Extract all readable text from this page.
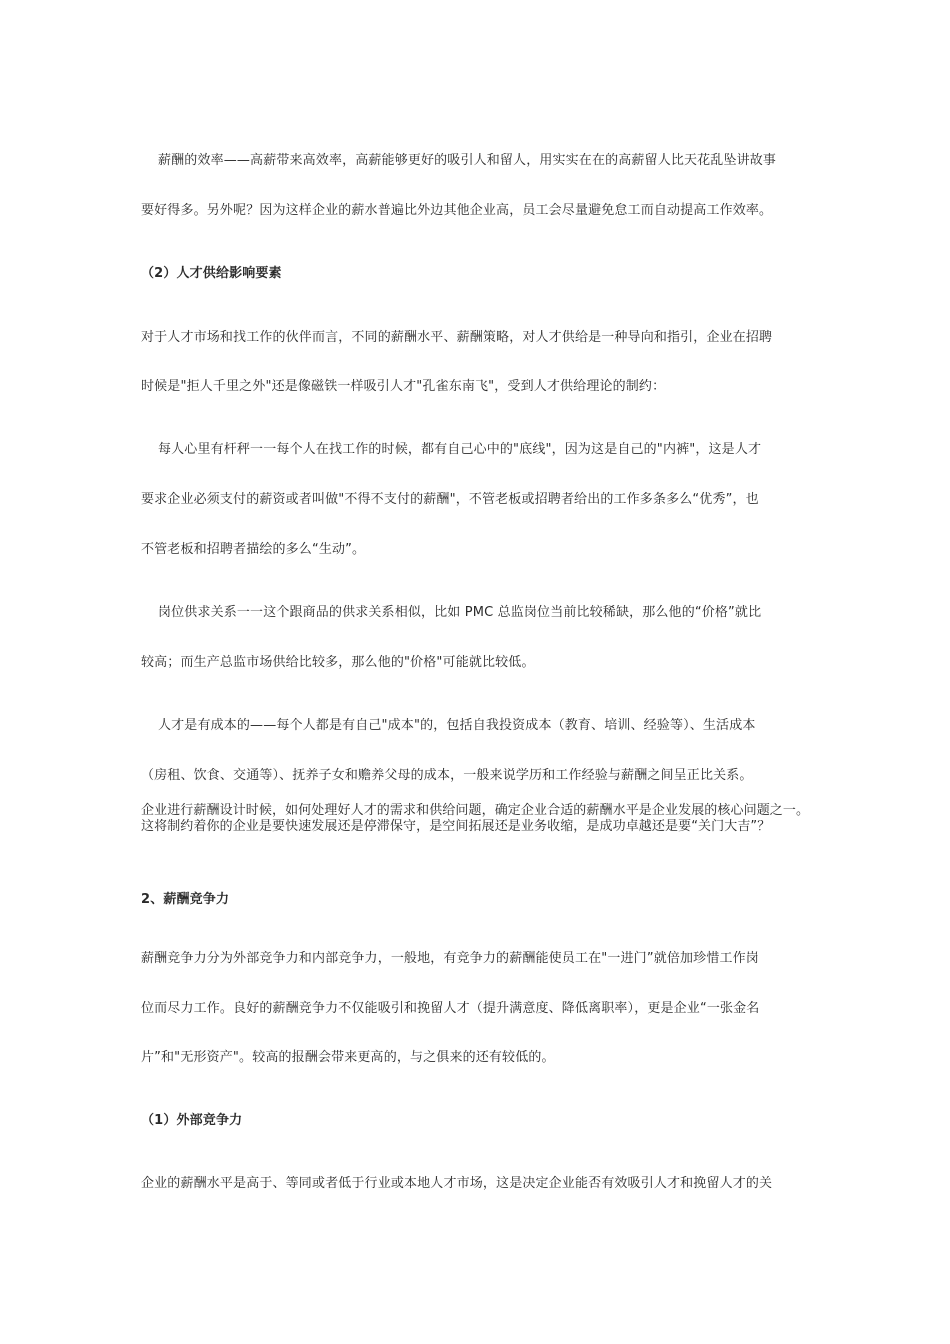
薪酬的效率——高薪带来高效率，高薪能够更好的吸引人和留人，用实实在在的高薪留人比天花乱坠讲故事
要好得多。另外呢？因为这样企业的薪水普遍比外边其他企业高，员工会尽量避免怠工而自动提高工作效率。
（2）人才供给影响要素
对于人才市场和找工作的伙伴而言，不同的薪酬水平、薪酬策略，对人才供给是一种导向和指引，企业在招聘
时候是"拒人千里之外"还是像磁铁一样吸引人才"孔雀东南飞"，受到人才供给理论的制约：
每人心里有杆秤一一每个人在找工作的时候，都有自己心中的"底线"，因为这是自己的"内裤"，这是人才
要求企业必须支付的薪资或者叫做"不得不支付的薪酬"，不管老板或招聘者给出的工作多条多么“优秀”，也
不管老板和招聘者描绘的多么“生动”。
岗位供求关系一一这个跟商品的供求关系相似，比如 PMC 总监岗位当前比较稀缺，那么他的“价格”就比
较高；而生产总监市场供给比较多，那么他的"价格"可能就比较低。
人才是有成本的——每个人都是有自己"成本"的，包括自我投资成本（教育、培训、经验等）、生活成本
（房租、饮食、交通等）、抚养子女和赡养父母的成本，一般来说学历和工作经验与薪酬之间呈正比关系。
企业进行薪酬设计时候，如何处理好人才的需求和供给问题，确定企业合适的薪酬水平是企业发展的核心问题之一。这将制约着你的企业是要快速发展还是停滞保守，是空间拓展还是业务收缩，是成功卓越还是要“关门大吉”？
2、薪酬竞争力
薪酬竞争力分为外部竞争力和内部竞争力，一般地，有竞争力的薪酬能使员工在"一进门”就倍加珍惜工作岗
位而尽力工作。良好的薪酬竞争力不仅能吸引和挽留人才（提升满意度、降低离职率），更是企业“一张金名
片”和"无形资产"。较高的报酬会带来更高的，与之俱来的还有较低的。
（1）外部竞争力
企业的薪酬水平是高于、等同或者低于行业或本地人才市场，这是决定企业能否有效吸引人才和挽留人才的关
